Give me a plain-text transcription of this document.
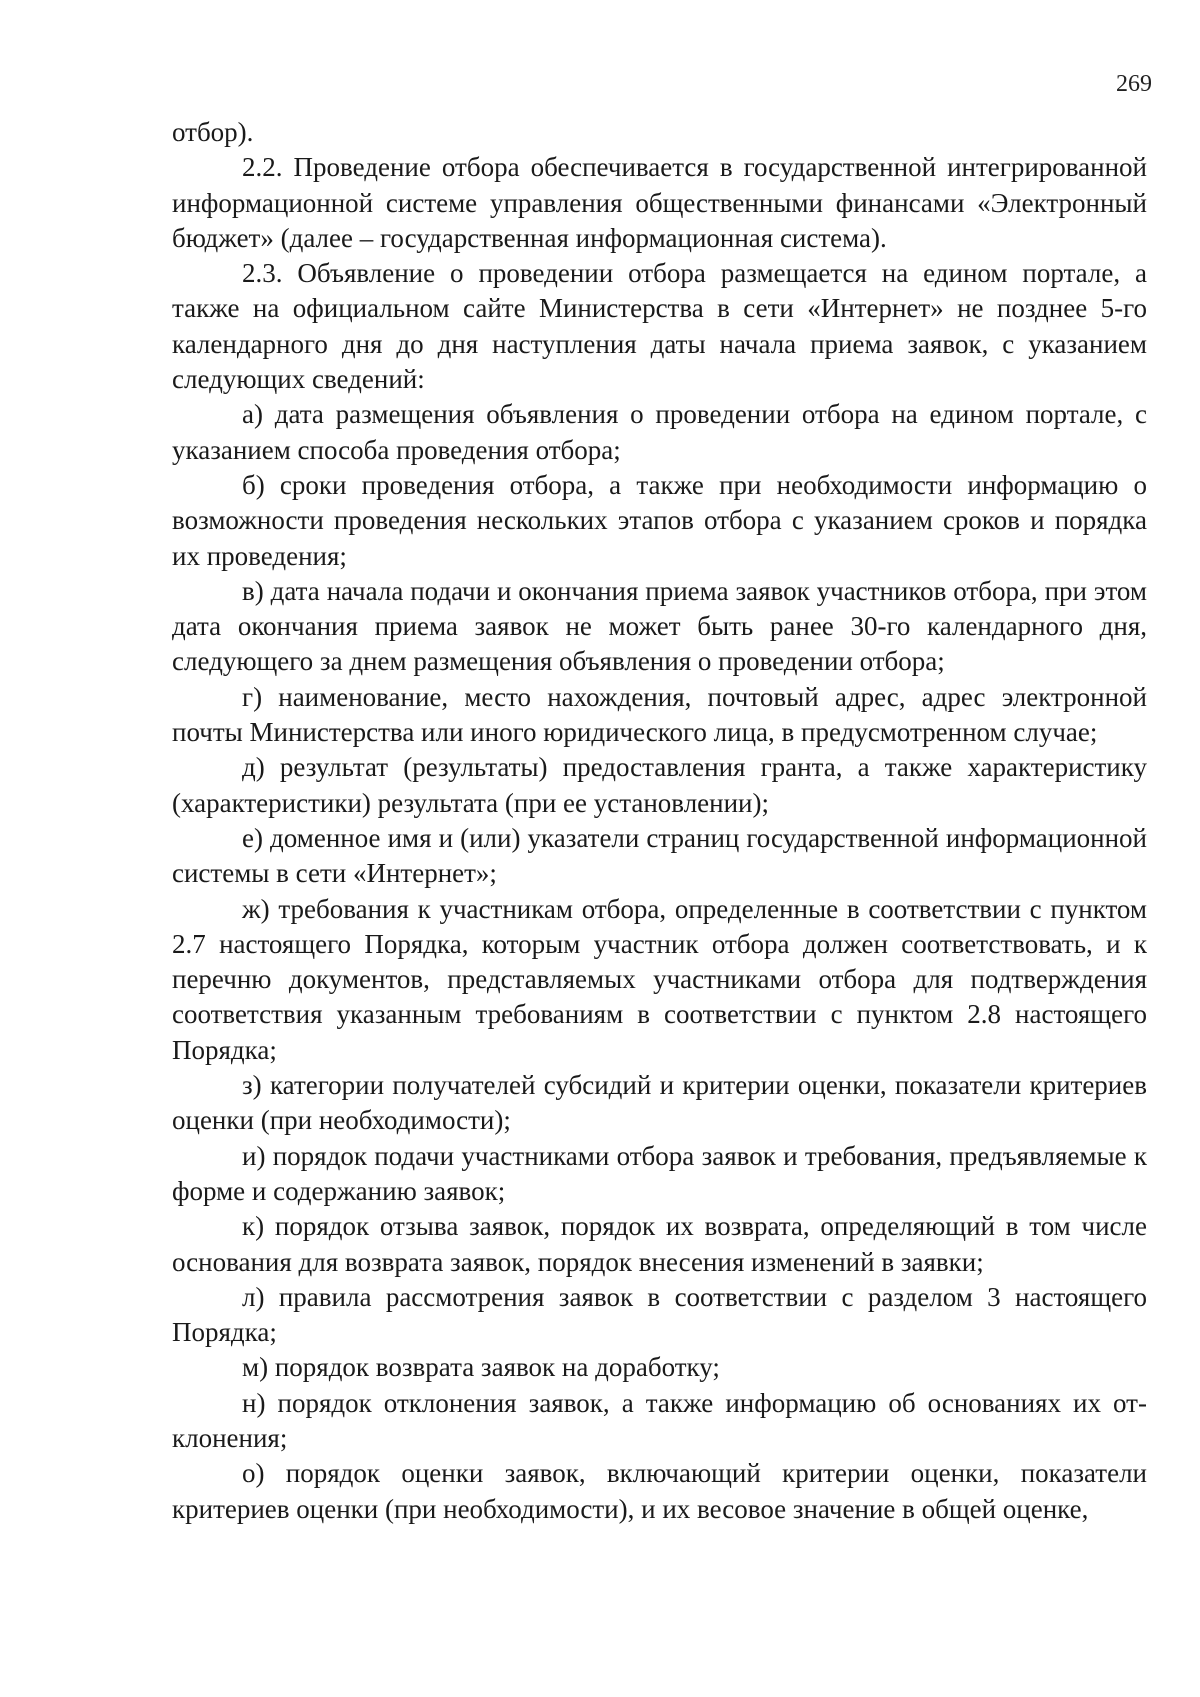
269

отбор).

2.2. Проведение отбора обеспечивается в государственной интегрированной информационной системе управления общественными финансами «Электронный бюджет» (далее – государственная информационная система).

2.3. Объявление о проведении отбора размещается на едином портале, а также на официальном сайте Министерства в сети «Интернет» не позднее 5-го календарного дня до дня наступления даты начала приема заявок, с указанием следующих сведений:

а) дата размещения объявления о проведении отбора на едином портале, с указанием способа проведения отбора;

б) сроки проведения отбора, а также при необходимости информацию о возможности проведения нескольких этапов отбора с указанием сроков и порядка их проведения;

в) дата начала подачи и окончания приема заявок участников отбора, при этом дата окончания приема заявок не может быть ранее 30-го календарного дня, следующего за днем размещения объявления о проведении отбора;

г) наименование, место нахождения, почтовый адрес, адрес электронной почты Министерства или иного юридического лица, в предусмотренном случае;

д) результат (результаты) предоставления гранта, а также характеристику (характеристики) результата (при ее установлении);

е) доменное имя и (или) указатели страниц государственной информационной системы в сети «Интернет»;

ж) требования к участникам отбора, определенные в соответствии с пунктом 2.7 настоящего Порядка, которым участник отбора должен соответствовать, и к перечню документов, представляемых участниками отбора для подтверждения соответствия указанным требованиям в соответствии с пунктом 2.8 настоящего Порядка;

з) категории получателей субсидий и критерии оценки, показатели критериев оценки (при необходимости);

и) порядок подачи участниками отбора заявок и требования, предъявляемые к форме и содержанию заявок;

к) порядок отзыва заявок, порядок их возврата, определяющий в том числе основания для возврата заявок, порядок внесения изменений в заявки;

л) правила рассмотрения заявок в соответствии с разделом 3 настоящего Порядка;

м) порядок возврата заявок на доработку;

н) порядок отклонения заявок, а также информацию об основаниях их отклонения;

о) порядок оценки заявок, включающий критерии оценки, показатели критериев оценки (при необходимости), и их весовое значение в общей оценке,
